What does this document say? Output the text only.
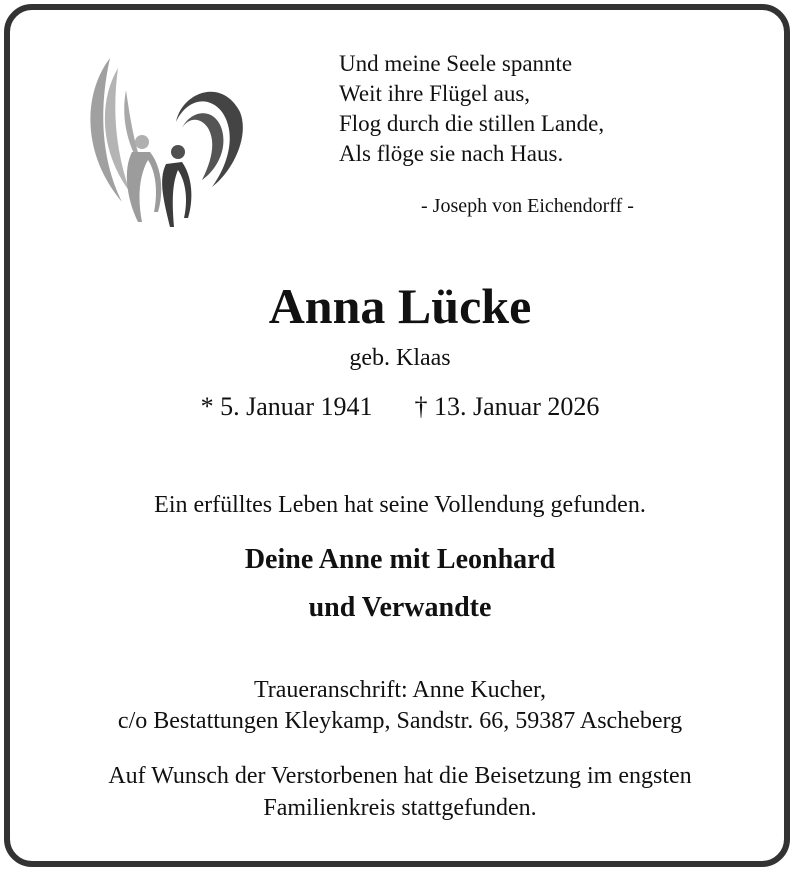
Und meine Seele spannte
Weit ihre Flügel aus,
Flog durch die stillen Lande,
Als flöge sie nach Haus.
- Joseph von Eichendorff -
Anna Lücke
geb. Klaas
* 5. Januar 1941 † 13. Januar 2026
Ein erfülltes Leben hat seine Vollendung gefunden.
Deine Anne mit Leonhard
und Verwandte
Traueranschrift: Anne Kucher,
c/o Bestattungen Kleykamp, Sandstr. 66, 59387 Ascheberg
Auf Wunsch der Verstorbenen hat die Beisetzung im engsten
Familienkreis stattgefunden.
